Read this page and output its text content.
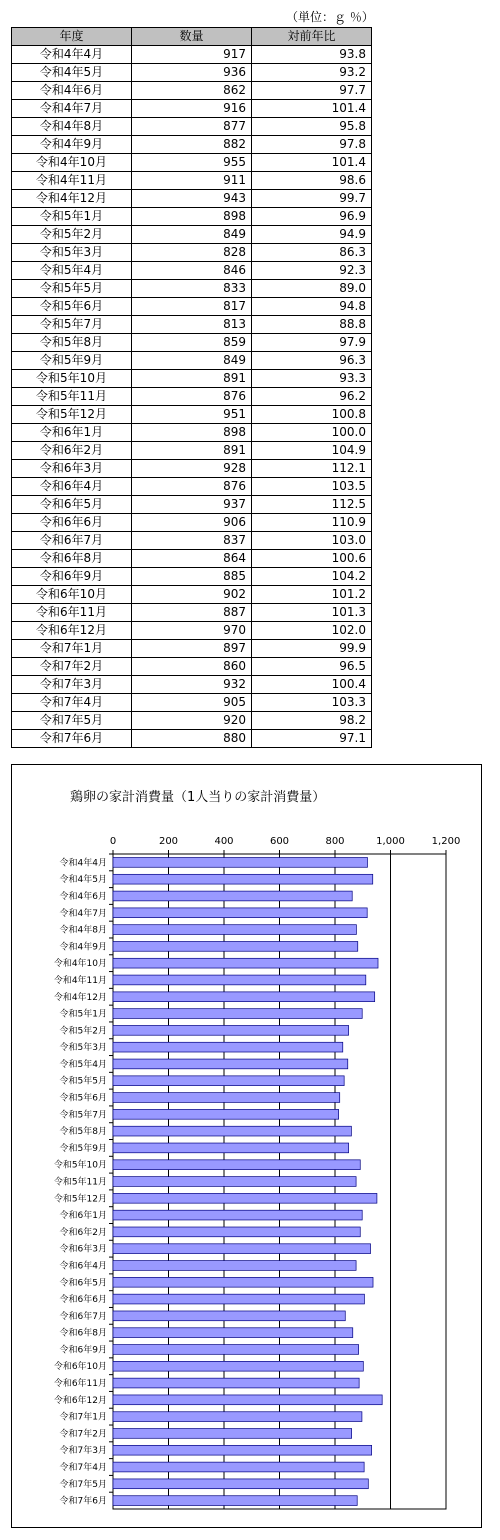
（単位：ｇ ％）
年度	数量	対前年比
令和4年4月	917	93.8
令和4年5月	936	93.2
令和4年6月	862	97.7
令和4年7月	916	101.4
令和4年8月	877	95.8
令和4年9月	882	97.8
令和4年10月	955	101.4
令和4年11月	911	98.6
令和4年12月	943	99.7
令和5年1月	898	96.9
令和5年2月	849	94.9
令和5年3月	828	86.3
令和5年4月	846	92.3
令和5年5月	833	89.0
令和5年6月	817	94.8
令和5年7月	813	88.8
令和5年8月	859	97.9
令和5年9月	849	96.3
令和5年10月	891	93.3
令和5年11月	876	96.2
令和5年12月	951	100.8
令和6年1月	898	100.0
令和6年2月	891	104.9
令和6年3月	928	112.1
令和6年4月	876	103.5
令和6年5月	937	112.5
令和6年6月	906	110.9
令和6年7月	837	103.0
令和6年8月	864	100.6
令和6年9月	885	104.2
令和6年10月	902	101.2
令和6年11月	887	101.3
令和6年12月	970	102.0
令和7年1月	897	99.9
令和7年2月	860	96.5
令和7年3月	932	100.4
令和7年4月	905	103.3
令和7年5月	920	98.2
令和7年6月	880	97.1
鶏卵の家計消費量（1人当りの家計消費量）
0	200	400	600	800	1,000	1,200
令和4年4月
令和4年5月
令和4年6月
令和4年7月
令和4年8月
令和4年9月
令和4年10月
令和4年11月
令和4年12月
令和5年1月
令和5年2月
令和5年3月
令和5年4月
令和5年5月
令和5年6月
令和5年7月
令和5年8月
令和5年9月
令和5年10月
令和5年11月
令和5年12月
令和6年1月
令和6年2月
令和6年3月
令和6年4月
令和6年5月
令和6年6月
令和6年7月
令和6年8月
令和6年9月
令和6年10月
令和6年11月
令和6年12月
令和7年1月
令和7年2月
令和7年3月
令和7年4月
令和7年5月
令和7年6月
